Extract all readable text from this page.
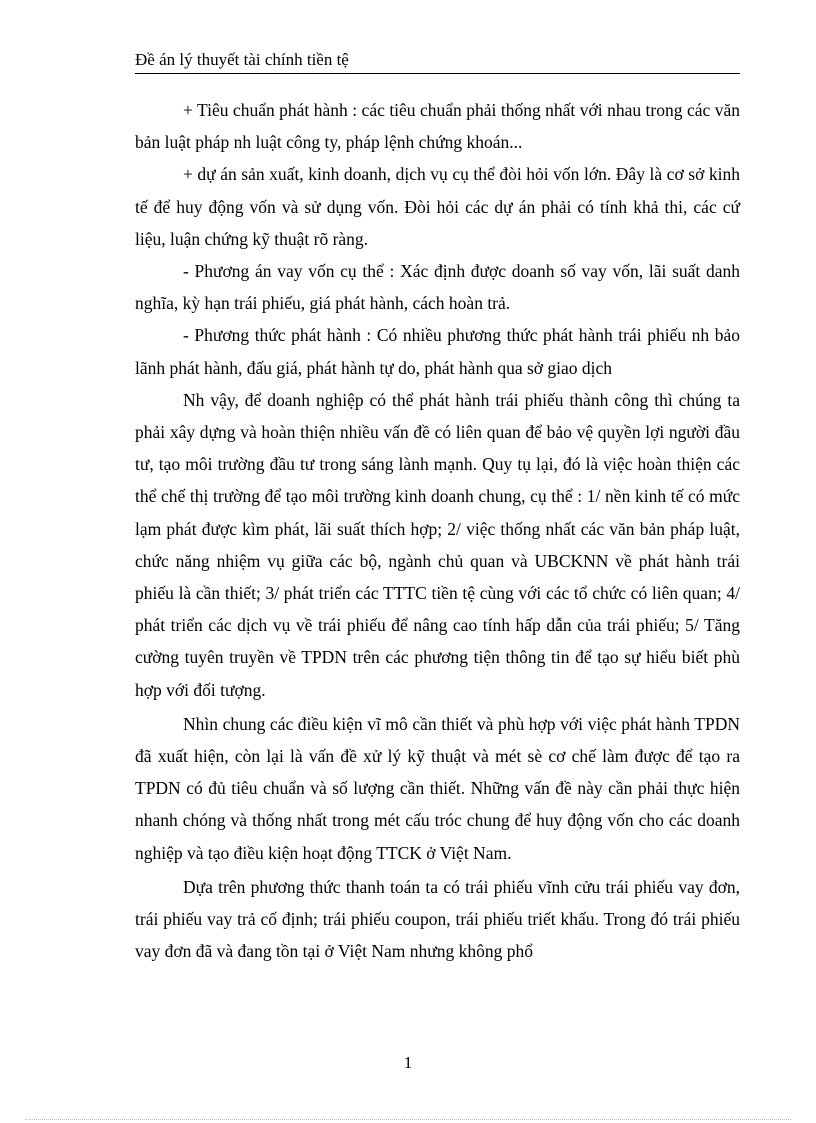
Đề án lý thuyết tài chính tiền tệ

+ Tiêu chuẩn phát hành : các tiêu chuẩn phải thống nhất với nhau trong các văn bản luật pháp nh luật công ty, pháp lệnh chứng khoán...

+ dự án sản xuất, kinh doanh, dịch vụ cụ thể đòi hỏi vốn lớn. Đây là cơ sở kinh tế để huy động vốn và sử dụng vốn. Đòi hỏi các dự án phải có tính khả thi, các cứ liệu, luận chứng kỹ thuật rõ ràng.

- Phương án vay vốn cụ thể : Xác định được doanh số vay vốn, lãi suất danh nghĩa, kỳ hạn trái phiếu, giá phát hành, cách hoàn trả.

- Phương thức phát hành : Có nhiều phương thức phát hành trái phiếu nh bảo lãnh phát hành, đấu giá, phát hành tự do, phát hành qua sở giao dịch

Nh vậy, để doanh nghiệp có thể phát hành trái phiếu thành công thì chúng ta phải xây dựng và hoàn thiện nhiều vấn đề có liên quan để bảo vệ quyền lợi người đầu tư, tạo môi trường đầu tư trong sáng lành mạnh. Quy tụ lại, đó là việc hoàn thiện các thể chế thị trường để tạo môi trường kinh doanh chung, cụ thể : 1/ nền kinh tế có mức lạm phát được kìm phát, lãi suất thích hợp; 2/ việc thống nhất các văn bản pháp luật, chức năng nhiệm vụ giữa các bộ, ngành chủ quan và UBCKNN về phát hành trái phiếu là cần thiết; 3/ phát triển các TTTC tiền tệ cùng với các tổ chức có liên quan; 4/ phát triển các dịch vụ về trái phiếu để nâng cao tính hấp dẫn của trái phiếu; 5/ Tăng cường tuyên truyền về TPDN trên các phương tiện thông tin để tạo sự hiểu biết phù hợp với đối tượng.

Nhìn chung các điều kiện vĩ mô cần thiết và phù hợp với việc phát hành TPDN đã xuất hiện, còn lại là vấn đề xử lý kỹ thuật và mét sè cơ chế làm được để tạo ra TPDN có đủ tiêu chuẩn và số lượng cần thiết. Những vấn đề này cần phải thực hiện nhanh chóng và thống nhất trong mét cấu tróc chung để huy động vốn cho các doanh nghiệp và tạo điều kiện hoạt động TTCK ở Việt Nam.

Dựa trên phương thức thanh toán ta có trái phiếu vĩnh cửu trái phiếu vay đơn, trái phiếu vay trả cố định; trái phiếu coupon, trái phiếu triết khấu. Trong đó trái phiếu vay đơn đã và đang tồn tại ở Việt Nam nhưng không phổ

1
